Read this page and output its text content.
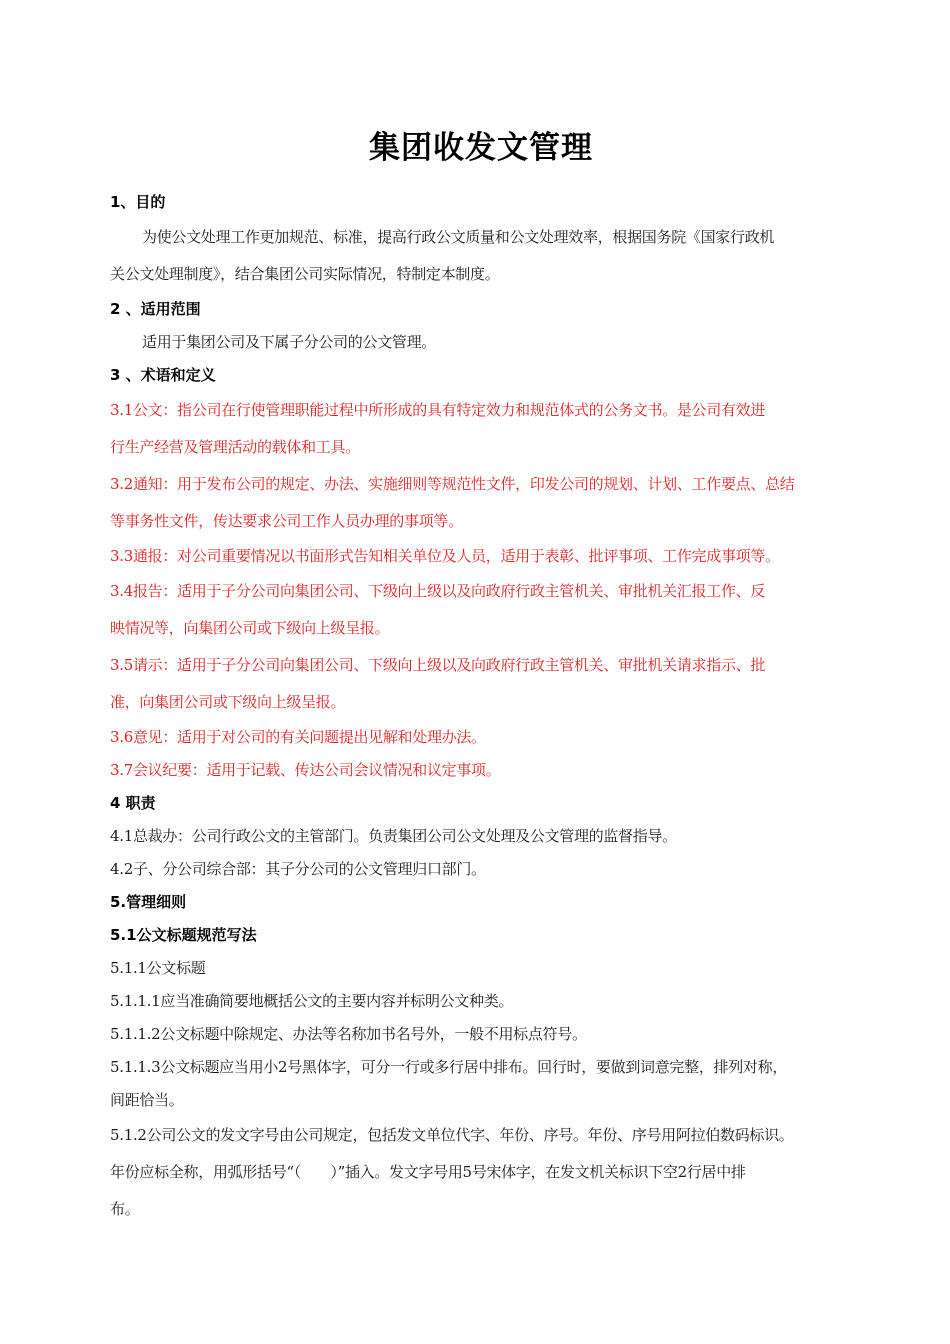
集团收发文管理
1、目的
为使公文处理工作更加规范、标准，提高行政公文质量和公文处理效率，根据国务院《国家行政机
关公文处理制度》，结合集团公司实际情况，特制定本制度。
2 、适用范围
适用于集团公司及下属子分公司的公文管理。
3 、术语和定义
3.1公文：指公司在行使管理职能过程中所形成的具有特定效力和规范体式的公务文书。是公司有效进
行生产经营及管理活动的载体和工具。
3.2通知：用于发布公司的规定、办法、实施细则等规范性文件，印发公司的规划、计划、工作要点、总结
等事务性文件，传达要求公司工作人员办理的事项等。
3.3通报：对公司重要情况以书面形式告知相关单位及人员，适用于表彰、批评事项、工作完成事项等。
3.4报告：适用于子分公司向集团公司、下级向上级以及向政府行政主管机关、审批机关汇报工作、反
映情况等，向集团公司或下级向上级呈报。
3.5请示：适用于子分公司向集团公司、下级向上级以及向政府行政主管机关、审批机关请求指示、批
准，向集团公司或下级向上级呈报。
3.6意见：适用于对公司的有关问题提出见解和处理办法。
3.7会议纪要：适用于记载、传达公司会议情况和议定事项。
4 职责
4.1总裁办：公司行政公文的主管部门。负责集团公司公文处理及公文管理的监督指导。
4.2子、分公司综合部：其子分公司的公文管理归口部门。
5.管理细则
5.1公文标题规范写法
5.1.1公文标题
5.1.1.1应当准确简要地概括公文的主要内容并标明公文种类。
5.1.1.2公文标题中除规定、办法等名称加书名号外，一般不用标点符号。
5.1.1.3公文标题应当用小2号黑体字，可分一行或多行居中排布。回行时，要做到词意完整，排列对称，
间距恰当。
5.1.2公司公文的发文字号由公司规定，包括发文单位代字、年份、序号。年份、序号用阿拉伯数码标识。
年份应标全称，用弧形括号“（　　）”插入。发文字号用5号宋体字，在发文机关标识下空2行居中排
布。
